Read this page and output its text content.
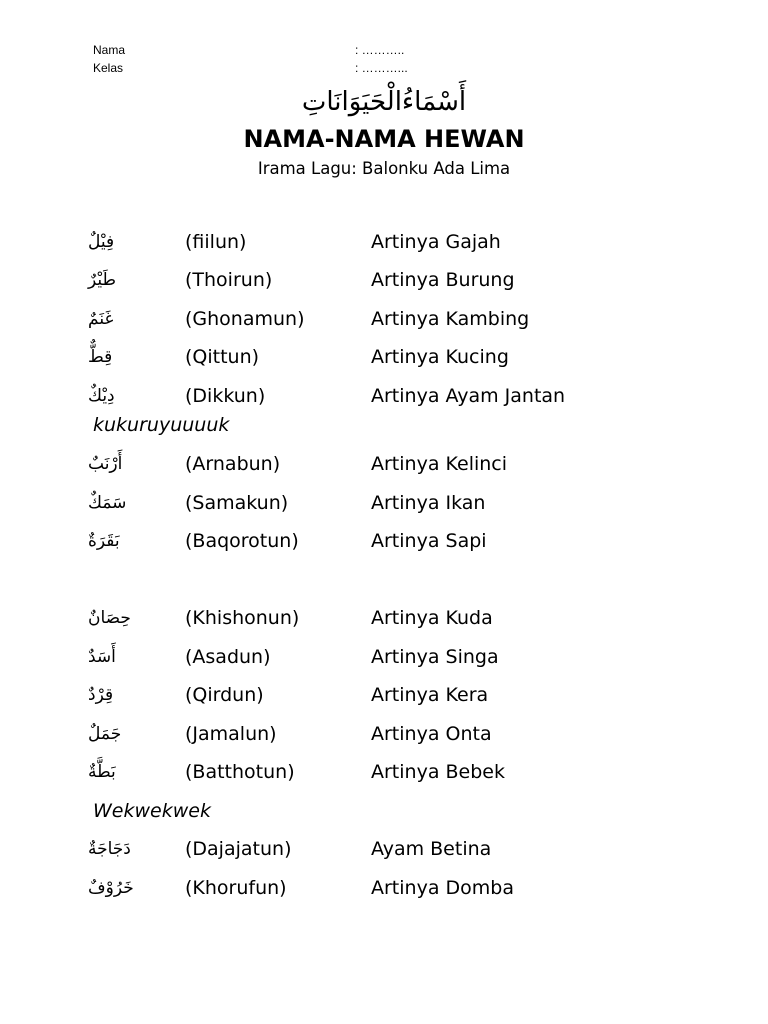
Nama	: ………..
Kelas	: ………...
أَسْمَاءُالْحَيَوَانَاتِ
NAMA-NAMA HEWAN
Irama Lagu: Balonku Ada Lima
فِيْلٌ	(fiilun)	Artinya Gajah
طَيْرٌ	(Thoirun)	Artinya Burung
غَنَمٌ	(Ghonamun)	Artinya Kambing
قِطٌّ	(Qittun)	Artinya Kucing
دِيْكٌ	(Dikkun)	Artinya Ayam Jantan
kukuruyuuuuk
أَرْنَبٌ	(Arnabun)	Artinya Kelinci
سَمَكٌ	(Samakun)	Artinya Ikan
بَقَرَةٌ	(Baqorotun)	Artinya Sapi
حِصَانٌ	(Khishonun)	Artinya Kuda
أَسَدٌ	(Asadun)	Artinya Singa
قِرْدٌ	(Qirdun)	Artinya Kera
جَمَلٌ	(Jamalun)	Artinya Onta
بَطَّةٌ	(Batthotun)	Artinya Bebek
Wekwekwek
دَجَاجَةٌ	(Dajajatun)	Ayam Betina
خَرُوْفٌ	(Khorufun)	Artinya Domba
